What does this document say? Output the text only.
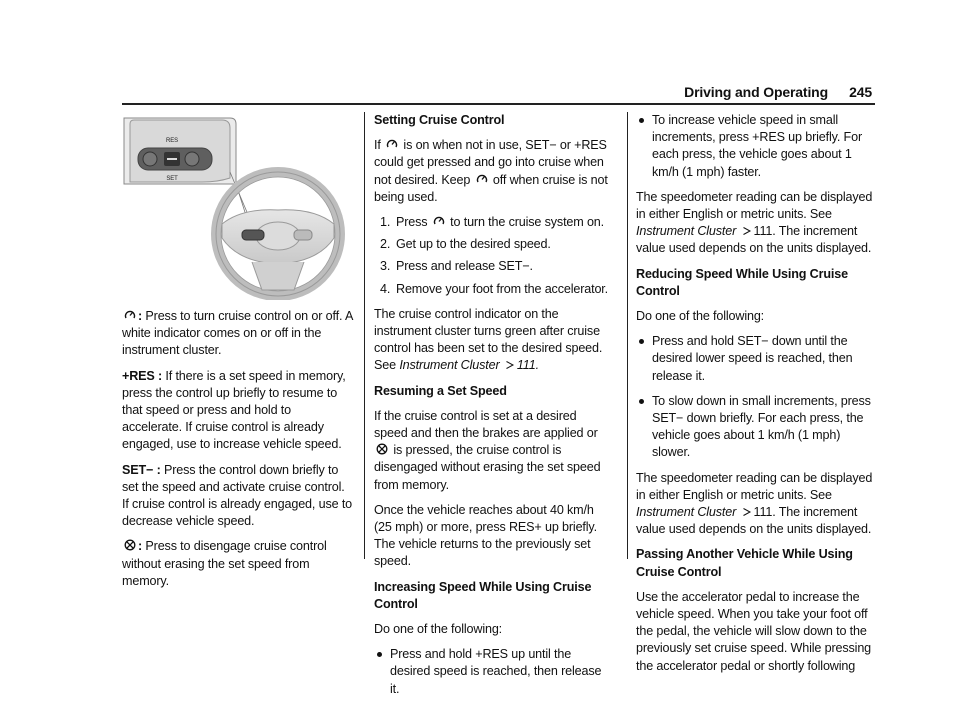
Driving and Operating 245
RES
SET

: Press to turn cruise control on or off. A white indicator comes on or off in the instrument cluster.

+RES : If there is a set speed in memory, press the control up briefly to resume to that speed or press and hold to accelerate. If cruise control is already engaged, use to increase vehicle speed.

SET− : Press the control down briefly to set the speed and activate cruise control. If cruise control is already engaged, use to decrease vehicle speed.

: Press to disengage cruise control without erasing the set speed from memory.

Setting Cruise Control

If is on when not in use, SET− or +RES could get pressed and go into cruise when not desired. Keep off when cruise is not being used.

1. Press to turn the cruise system on.
2. Get up to the desired speed.
3. Press and release SET−.
4. Remove your foot from the accelerator.

The cruise control indicator on the instrument cluster turns green after cruise control has been set to the desired speed. See Instrument Cluster 111.

Resuming a Set Speed

If the cruise control is set at a desired speed and then the brakes are applied or
is pressed, the cruise control is disengaged without erasing the set speed from memory.

Once the vehicle reaches about 40 km/h (25 mph) or more, press RES+ up briefly. The vehicle returns to the previously set speed.

Increasing Speed While Using Cruise Control

Do one of the following:

Press and hold +RES up until the desired speed is reached, then release it.
To increase vehicle speed in small increments, press +RES up briefly. For each press, the vehicle goes about 1 km/h (1 mph) faster.

The speedometer reading can be displayed in either English or metric units. See Instrument Cluster 111. The increment value used depends on the units displayed.

Reducing Speed While Using Cruise Control

Do one of the following:

Press and hold SET− down until the desired lower speed is reached, then release it.
To slow down in small increments, press SET− down briefly. For each press, the vehicle goes about 1 km/h (1 mph) slower.

The speedometer reading can be displayed in either English or metric units. See Instrument Cluster 111. The increment value used depends on the units displayed.

Passing Another Vehicle While Using Cruise Control

Use the accelerator pedal to increase the vehicle speed. When you take your foot off the pedal, the vehicle will slow down to the previously set cruise speed. While pressing the accelerator pedal or shortly following
